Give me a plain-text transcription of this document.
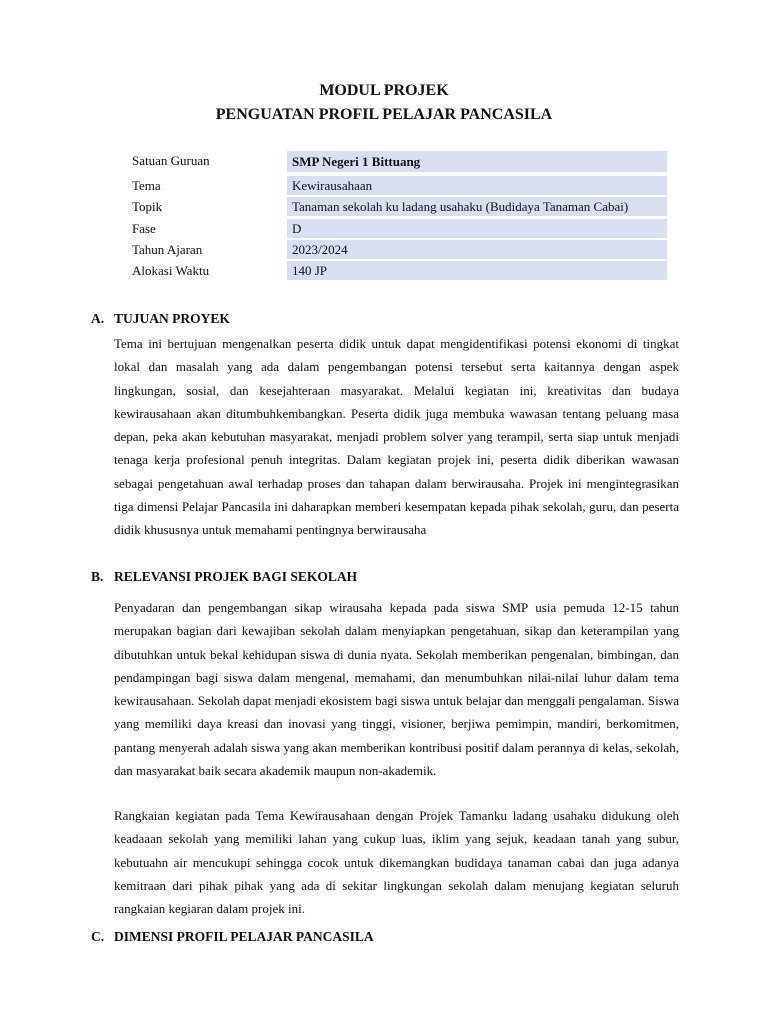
MODUL PROJEK
PENGUATAN PROFIL PELAJAR PANCASILA
Satuan Guruan	SMP Negeri 1 Bittuang
Tema	Kewirausahaan
Topik	Tanaman sekolah ku ladang usahaku (Budidaya Tanaman Cabai)
Fase	D
Tahun Ajaran	2023/2024
Alokasi Waktu	140 JP
A. TUJUAN PROYEK

Tema ini bertujuan mengenalkan peserta didik untuk dapat mengidentifikasi potensi ekonomi di tingkat lokal dan masalah yang ada dalam pengembangan potensi tersebut serta kaitannya dengan aspek lingkungan, sosial, dan kesejahteraan masyarakat. Melalui kegiatan ini, kreativitas dan budaya kewirausahaan akan ditumbuhkembangkan. Peserta didik juga membuka wawasan tentang peluang masa depan, peka akan kebutuhan masyarakat, menjadi problem solver yang terampil, serta siap untuk menjadi tenaga kerja profesional penuh integritas. Dalam kegiatan projek ini, peserta didik diberikan wawasan sebagai pengetahuan awal terhadap proses dan tahapan dalam berwirausaha. Projek ini mengintegrasikan tiga dimensi Pelajar Pancasila ini daharapkan memberi kesempatan kepada pihak sekolah, guru, dan peserta didik khususnya untuk memahami pentingnya berwirausaha

B. RELEVANSI PROJEK BAGI SEKOLAH

Penyadaran dan pengembangan sikap wirausaha kepada pada siswa SMP usia pemuda 12-15 tahun merupakan bagian dari kewajiban sekolah dalam menyiapkan pengetahuan, sikap dan keterampilan yang dibutuhkan untuk bekal kehidupan siswa di dunia nyata. Sekolah memberikan pengenalan, bimbingan, dan pendampingan bagi siswa dalam mengenal, memahami, dan menumbuhkan nilai-nilai luhur dalam tema kewirausahaan. Sekolah dapat menjadi ekosistem bagi siswa untuk belajar dan menggali pengalaman. Siswa yang memiliki daya kreasi dan inovasi yang tinggi, visioner, berjiwa pemimpin, mandiri, berkomitmen, pantang menyerah adalah siswa yang akan memberikan kontribusi positif dalam perannya di kelas, sekolah, dan masyarakat baik secara akademik maupun non-akademik.

Rangkaian kegiatan pada Tema Kewirausahaan dengan Projek Tamanku ladang usahaku didukung oleh keadaaan sekolah yang memiliki lahan yang cukup luas, iklim yang sejuk, keadaan tanah yang subur, kebutuahn air mencukupi sehingga cocok untuk dikemangkan budidaya tanaman cabai dan juga adanya kemitraan dari pihak pihak yang ada di sekitar lingkungan sekolah dalam menujang kegiatan seluruh rangkaian kegiaran dalam projek ini.

C. DIMENSI PROFIL PELAJAR PANCASILA
